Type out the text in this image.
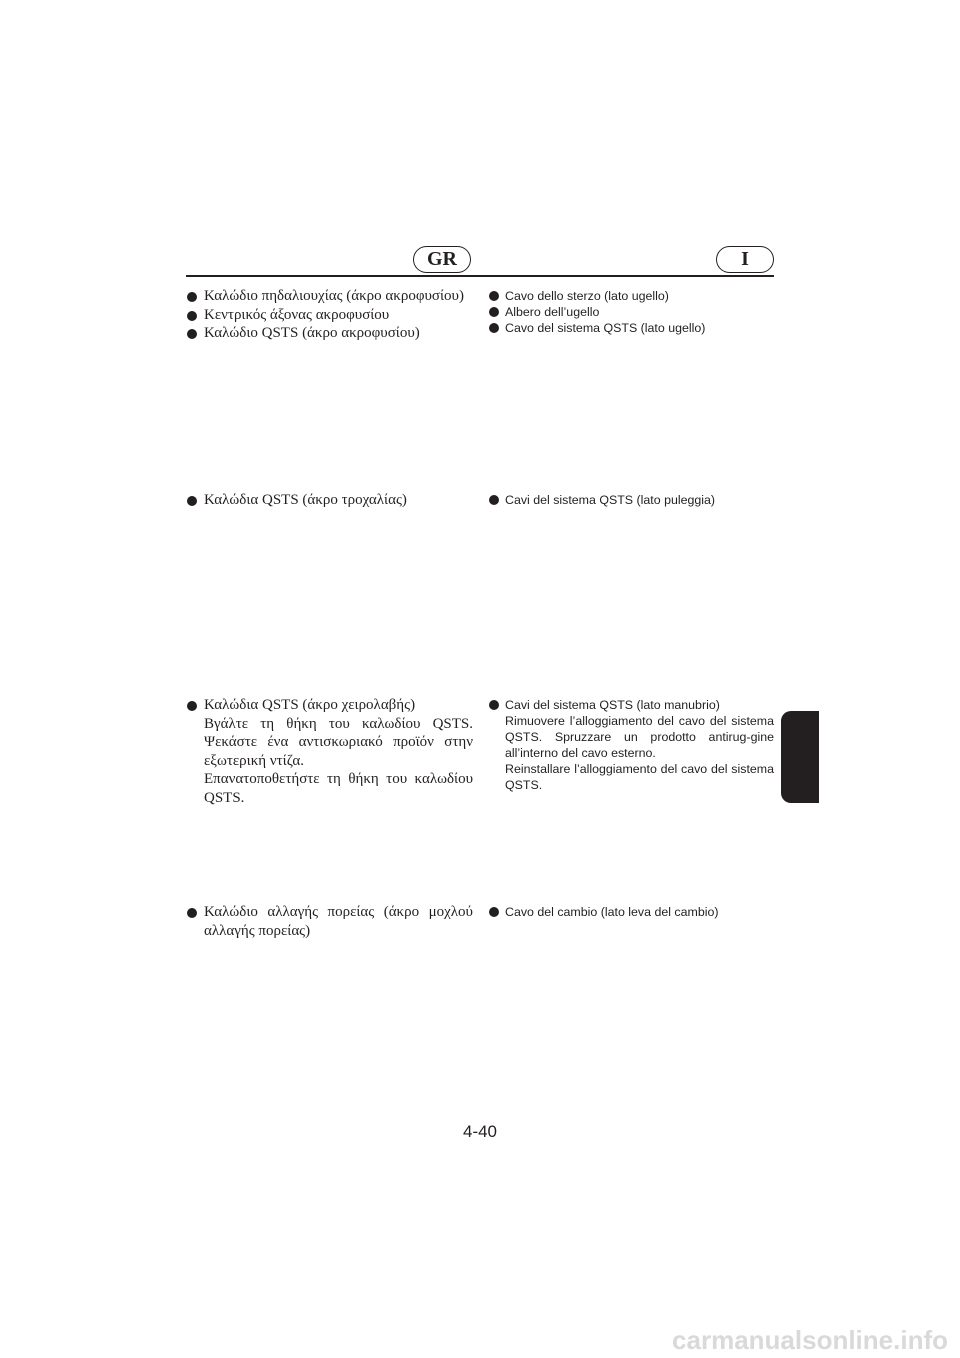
GR	I

Καλώδιο πηδαλιουχίας (άκρο ακροφυσίου)

Κεντρικός άξονας ακροφυσίου

Καλώδιο QSTS (άκρο ακροφυσίου)

Cavo dello sterzo (lato ugello)

Albero dell’ugello

Cavo del sistema QSTS (lato ugello)

Καλώδια QSTS (άκρο τροχαλίας)	Cavi del sistema QSTS (lato puleggia)

Καλώδια QSTS (άκρο χειρολαβής)

Βγάλτε τη θήκη του καλωδίου QSTS. Ψεκάστε ένα αντισκωριακό προϊόν στην εξωτερική ντίζα.

Επανατοποθετήστε τη θήκη του καλωδίου QSTS.

Cavi del sistema QSTS (lato manubrio)

Rimuovere l’alloggiamento del cavo del sistema QSTS. Spruzzare un prodotto antirug-gine all’interno del cavo esterno.

Reinstallare l’alloggiamento del cavo del sistema QSTS.

Καλώδιο αλλαγής πορείας (άκρο μοχλού αλλαγής πορείας)

Cavo del cambio (lato leva del cambio)

4-40
carmanualsonline.info
